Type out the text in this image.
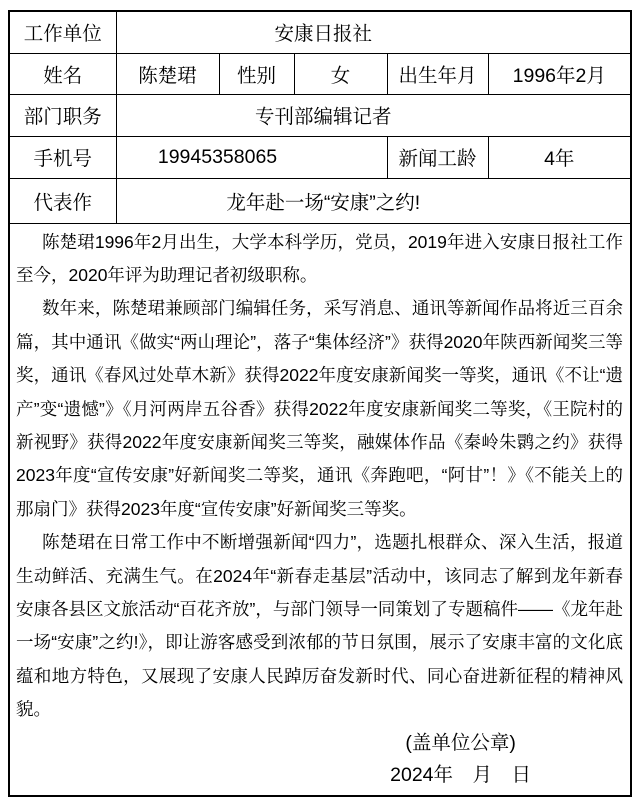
工作单位	安康日报社				
姓名	陈楚珺	性别	女	出生年月	1996年2月
部门职务	专刊部编辑记者				
手机号	19945358065			新闻工龄	4年
代表作	龙年赴一场“安康”之约!				

陈楚珺1996年2月出生，大学本科学历，党员，2019年进入安康日报社工作至今，2020年评为助理记者初级职称。

数年来，陈楚珺兼顾部门编辑任务，采写消息、通讯等新闻作品将近三百余篇，其中通讯《做实“两山理论”，落子“集体经济”》获得2020年陕西新闻奖三等奖，通讯《春风过处草木新》获得2022年度安康新闻奖一等奖，通讯《不让“遗产”变“遗憾”》《月河两岸五谷香》获得2022年度安康新闻奖二等奖，《王院村的新视野》获得2022年度安康新闻奖三等奖，融媒体作品《秦岭朱鹮之约》获得2023年度“宣传安康”好新闻奖二等奖，通讯《奔跑吧，“阿甘”！》《不能关上的那扇门》获得2023年度“宣传安康”好新闻奖三等奖。

陈楚珺在日常工作中不断增强新闻“四力”，选题扎根群众、深入生活，报道生动鲜活、充满生气。在2024年“新春走基层”活动中，该同志了解到龙年新春安康各县区文旅活动“百花齐放”，与部门领导一同策划了专题稿件——《龙年赴一场“安康”之约!》，即让游客感受到浓郁的节日氛围，展示了安康丰富的文化底蕴和地方特色，又展现了安康人民踔厉奋发新时代、同心奋进新征程的精神风貌。

(盖单位公章)
2024年　月　日					
